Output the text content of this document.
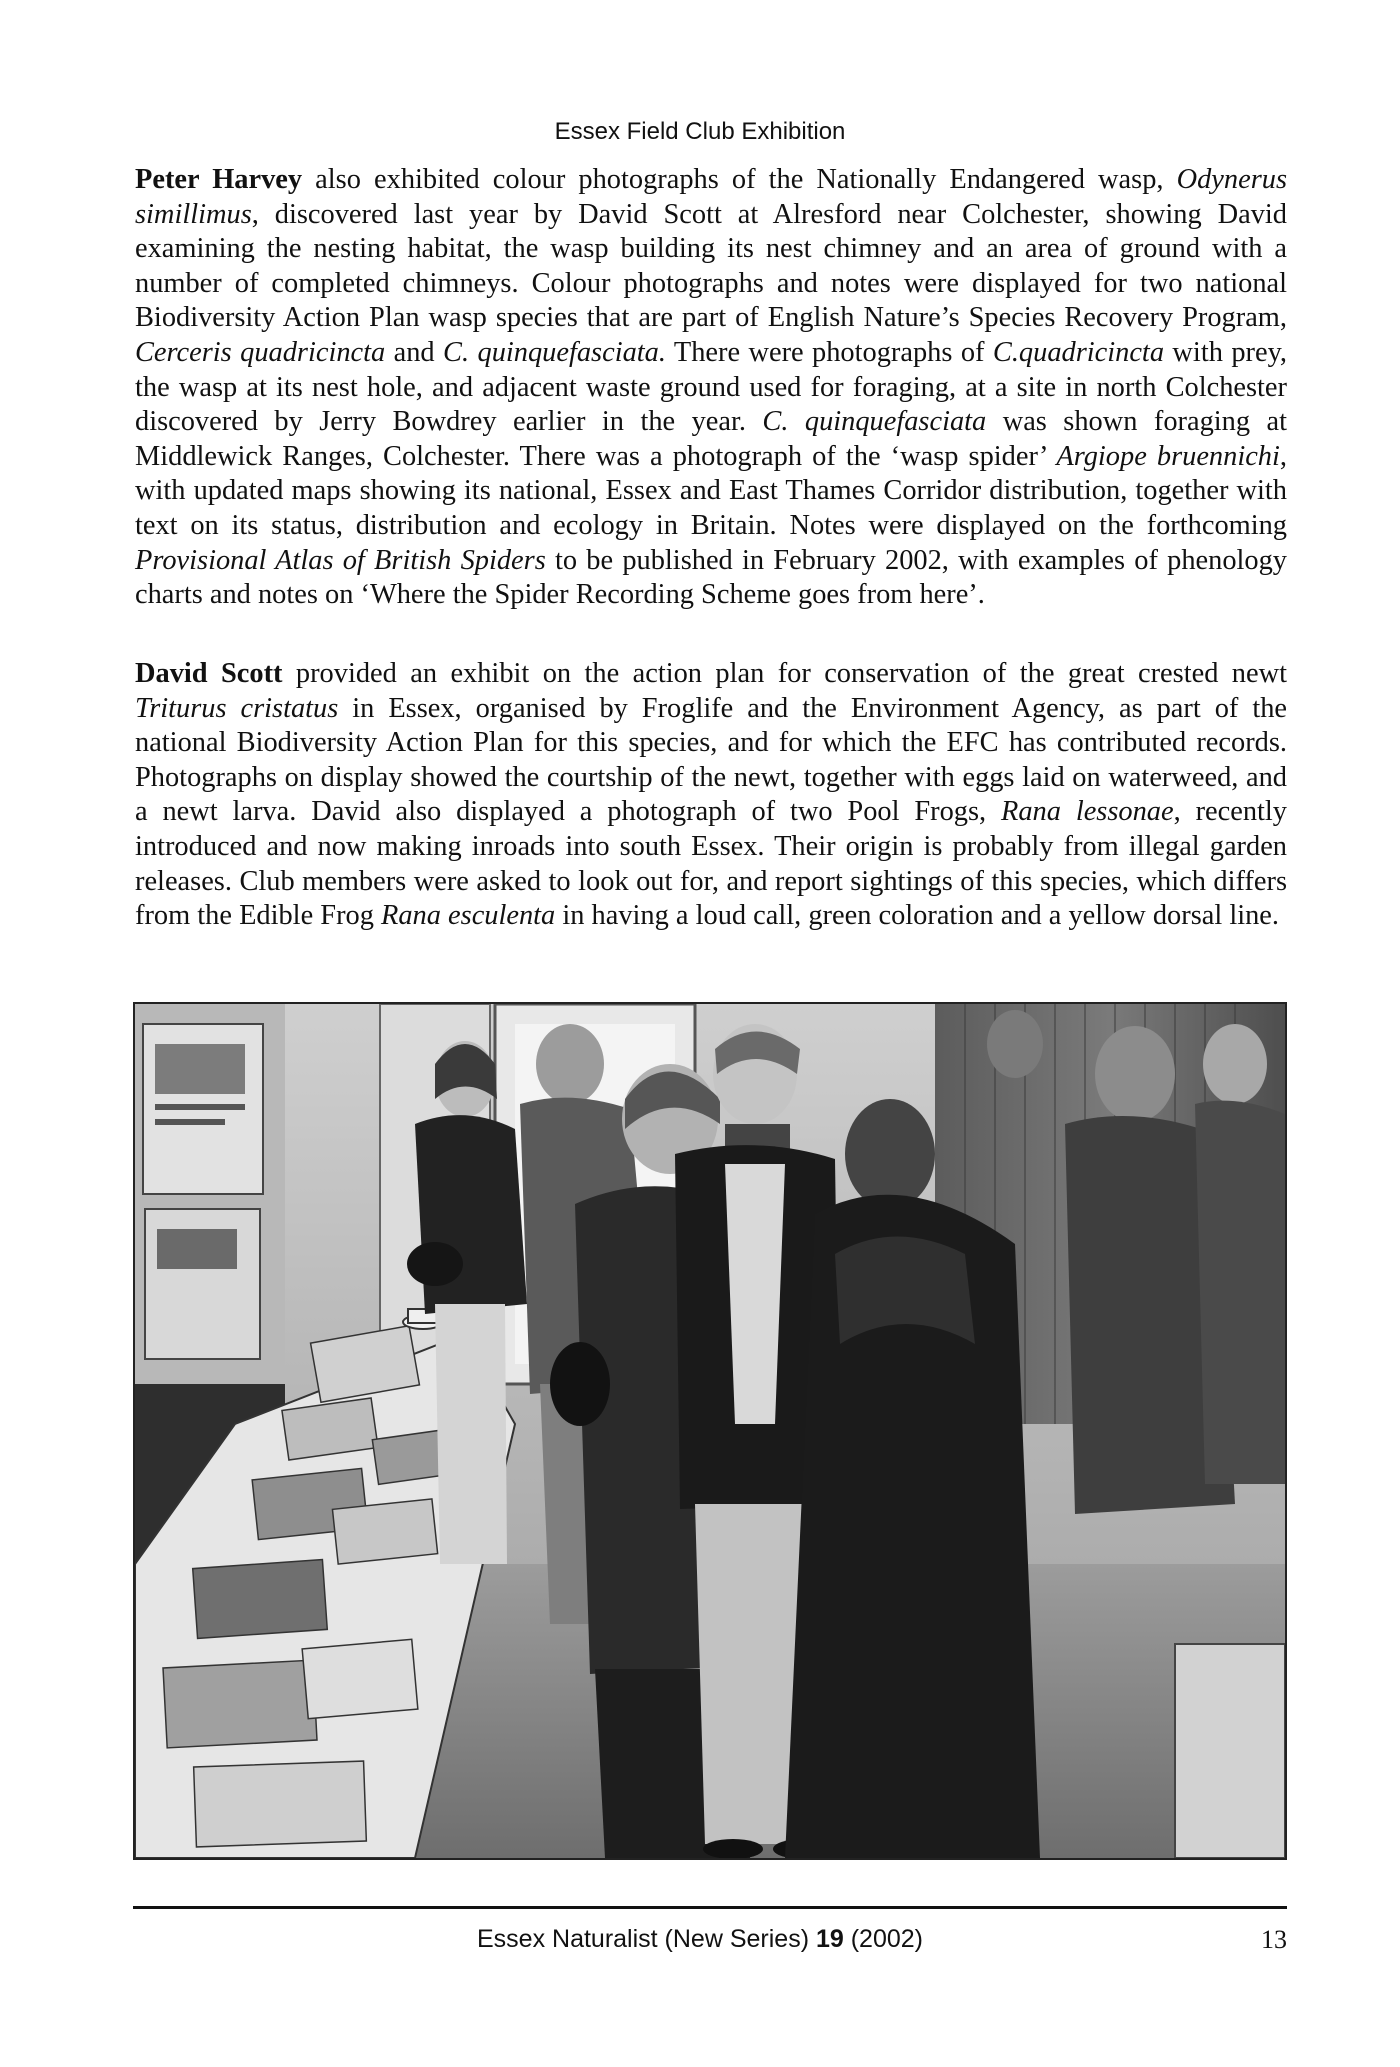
Essex Field Club Exhibition

Peter Harvey also exhibited colour photographs of the Nationally Endangered wasp, Odynerus simillimus, discovered last year by David Scott at Alresford near Colchester, showing David examining the nesting habitat, the wasp building its nest chimney and an area of ground with a number of completed chimneys. Colour photographs and notes were displayed for two national Biodiversity Action Plan wasp species that are part of English Nature’s Species Recovery Program, Cerceris quadricincta and C. quinquefasciata. There were photographs of C.quadricincta with prey, the wasp at its nest hole, and adjacent waste ground used for foraging, at a site in north Colchester discovered by Jerry Bowdrey earlier in the year. C. quinquefasciata was shown foraging at Middlewick Ranges, Colchester. There was a photograph of the ‘wasp spider’ Argiope bruennichi, with updated maps showing its national, Essex and East Thames Corridor distribution, together with text on its status, distribution and ecology in Britain. Notes were displayed on the forthcoming Provisional Atlas of British Spiders to be published in February 2002, with examples of phenology charts and notes on ‘Where the Spider Recording Scheme goes from here’.

David Scott provided an exhibit on the action plan for conservation of the great crested newt Triturus cristatus in Essex, organised by Froglife and the Environment Agency, as part of the national Biodiversity Action Plan for this species, and for which the EFC has contributed records. Photographs on display showed the courtship of the newt, together with eggs laid on waterweed, and a newt larva. David also displayed a photograph of two Pool Frogs, Rana lessonae, recently introduced and now making inroads into south Essex. Their origin is probably from illegal garden releases. Club members were asked to look out for, and report sightings of this species, which differs from the Edible Frog Rana esculenta in having a loud call, green coloration and a yellow dorsal line.

Essex Naturalist (New Series) 19 (2002)	13
